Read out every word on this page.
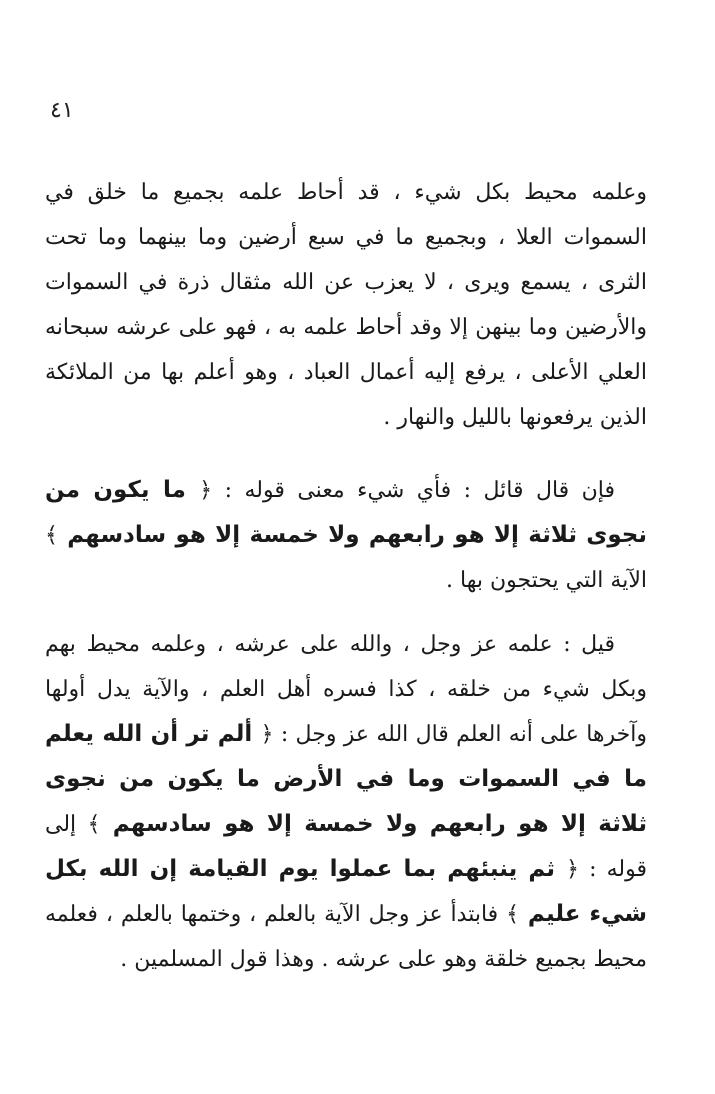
٤١
وعلمه محيط بكل شيء ، قد أحاط علمه بجميع ما خلق في السموات العلا ، وبجميع ما في سبع أرضين وما بينهما وما تحت الثرى ، يسمع ويرى ، لا يعزب عن الله مثقال ذرة في السموات والأرضين وما بينهن إلا وقد أحاط علمه به ، فهو على عرشه سبحانه العلي الأعلى ، يرفع إليه أعمال العباد ، وهو أعلم بها من الملائكة الذين يرفعونها بالليل والنهار .
فإن قال قائل : فأي شيء معنى قوله : ﴿ ما يكون من نجوى ثلاثة إلا هو رابعهم ولا خمسة إلا هو سادسهم ﴾ الآية التي يحتجون بها .
قيل : علمه عز وجل ، والله على عرشه ، وعلمه محيط بهم وبكل شيء من خلقه ، كذا فسره أهل العلم ، والآية يدل أولها وآخرها على أنه العلم قال الله عز وجل : ﴿ ألم تر أن الله يعلم ما في السموات وما في الأرض ما يكون من نجوى ثلاثة إلا هو رابعهم ولا خمسة إلا هو سادسهم ﴾ إلى قوله : ﴿ ثم ينبئهم بما عملوا يوم القيامة إن الله بكل شيء عليم ﴾ فابتدأ عز وجل الآية بالعلم ، وختمها بالعلم ، فعلمه محيط بجميع خلقة وهو على عرشه . وهذا قول المسلمين .
